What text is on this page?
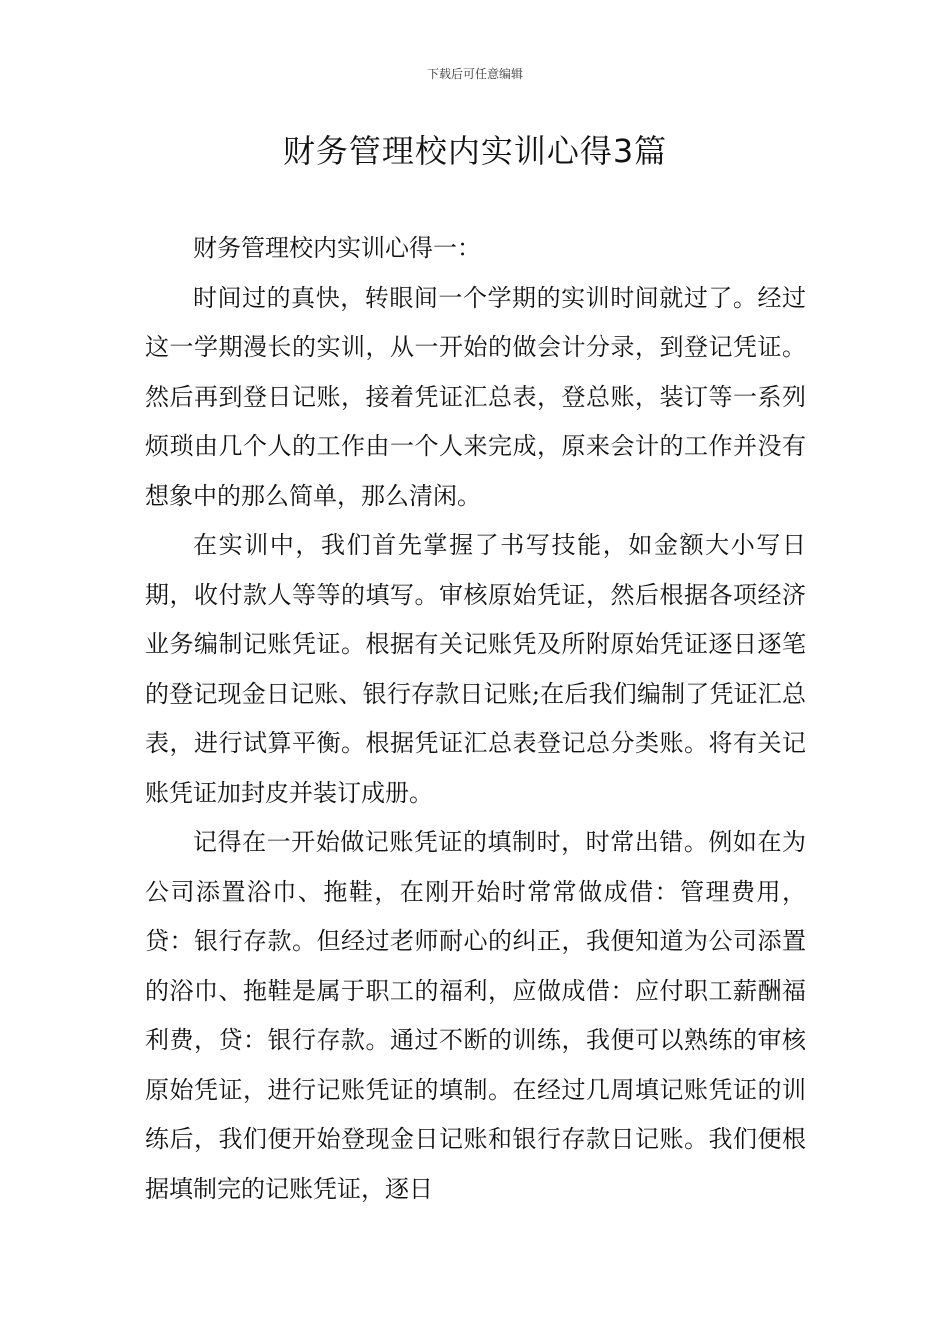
下载后可任意编辑
财务管理校内实训心得3篇

财务管理校内实训心得一：

时间过的真快，转眼间一个学期的实训时间就过了。经过这一学期漫长的实训，从一开始的做会计分录，到登记凭证。然后再到登日记账，接着凭证汇总表，登总账，装订等一系列烦琐由几个人的工作由一个人来完成，原来会计的工作并没有想象中的那么简单，那么清闲。

在实训中，我们首先掌握了书写技能，如金额大小写日期，收付款人等等的填写。审核原始凭证，然后根据各项经济业务编制记账凭证。根据有关记账凭及所附原始凭证逐日逐笔的登记现金日记账、银行存款日记账;在后我们编制了凭证汇总表，进行试算平衡。根据凭证汇总表登记总分类账。将有关记账凭证加封皮并装订成册。

记得在一开始做记账凭证的填制时，时常出错。例如在为公司添置浴巾、拖鞋，在刚开始时常常做成借：管理费用，贷：银行存款。但经过老师耐心的纠正，我便知道为公司添置的浴巾、拖鞋是属于职工的福利，应做成借：应付职工薪酬福利费，贷：银行存款。通过不断的训练，我便可以熟练的审核原始凭证，进行记账凭证的填制。在经过几周填记账凭证的训练后，我们便开始登现金日记账和银行存款日记账。我们便根据填制完的记账凭证，逐日
